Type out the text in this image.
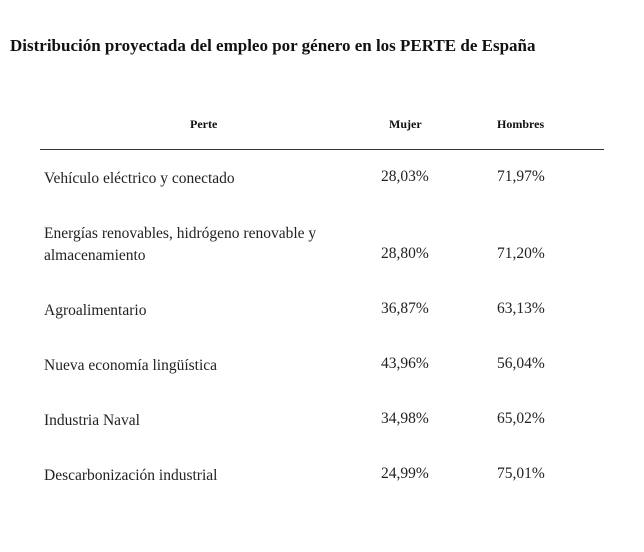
Distribución proyectada del empleo por género en los PERTE de España
Perte	Mujer	Hombres
Vehículo eléctrico y conectado	28,03%	71,97%
Energías renovables, hidrógeno renovable y almacenamiento	28,80%	71,20%
Agroalimentario	36,87%	63,13%
Nueva economía lingüística	43,96%	56,04%
Industria Naval	34,98%	65,02%
Descarbonización industrial	24,99%	75,01%
